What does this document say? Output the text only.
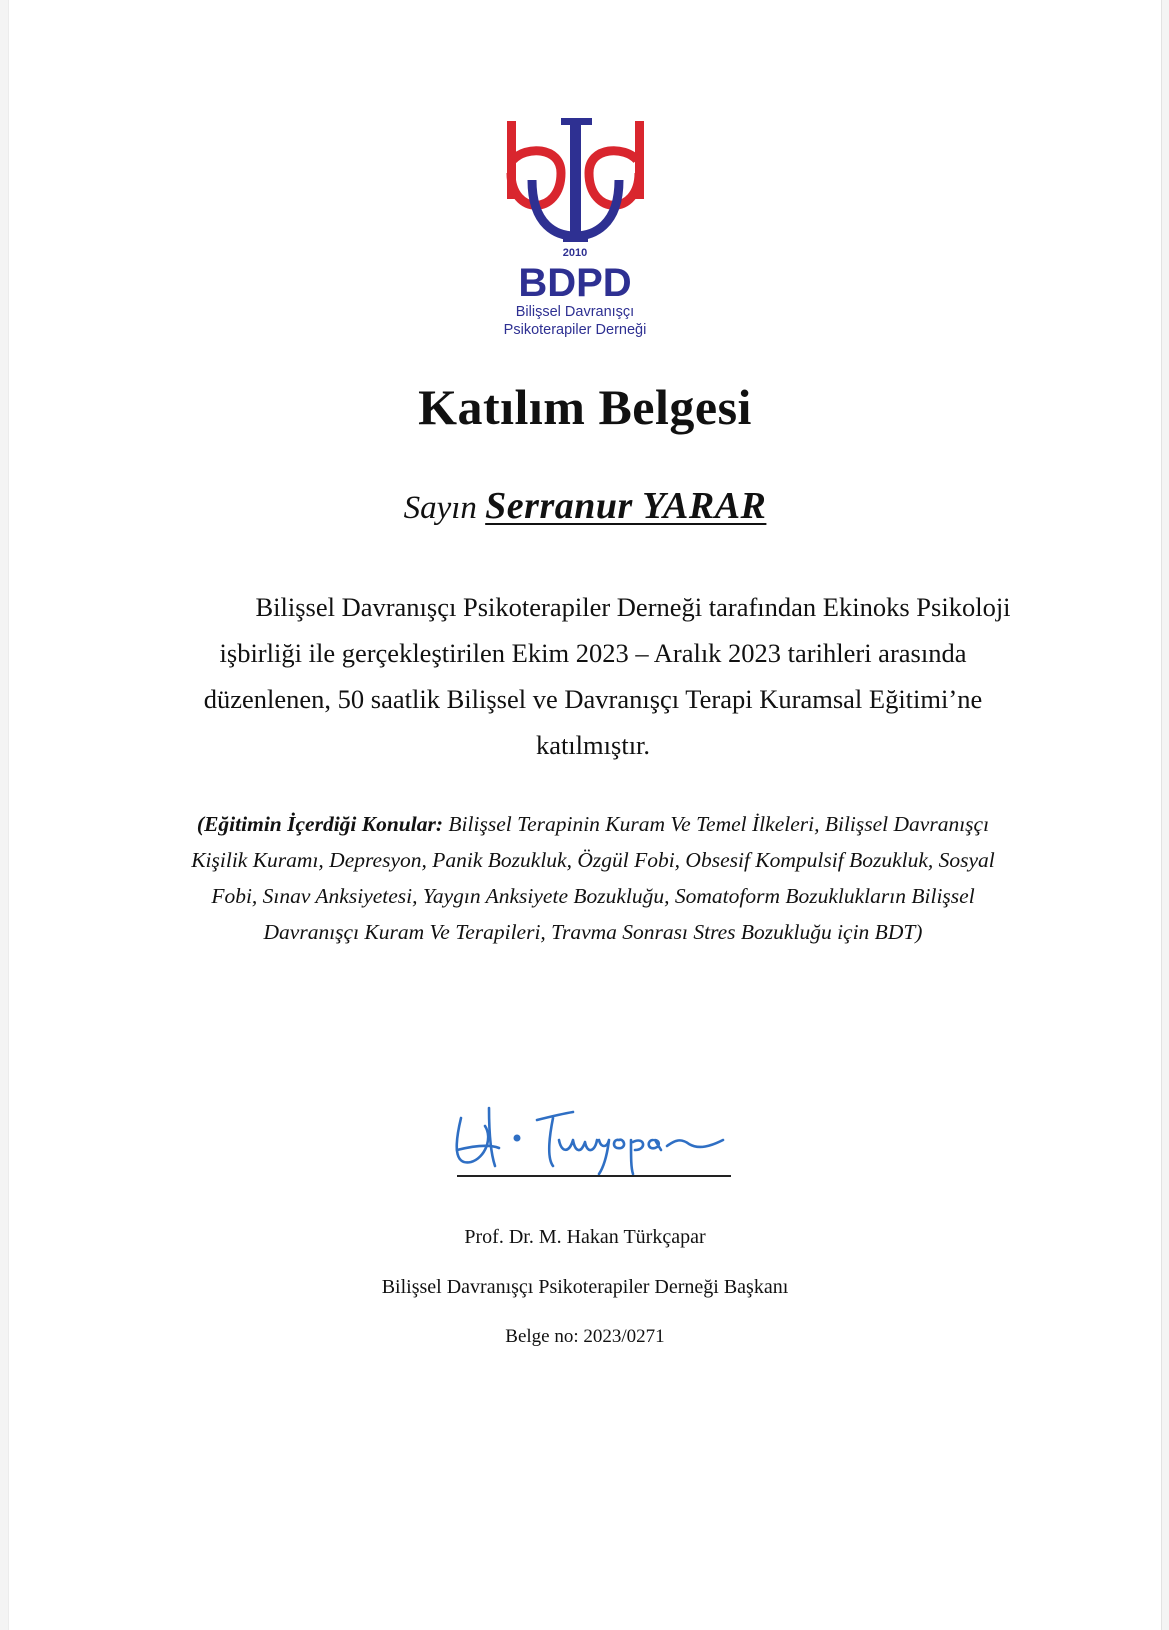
2010
BDPD
Bilişsel Davranışçı
Psikoterapiler Derneği
Katılım Belgesi
Sayın Serranur YARAR
Bilişsel Davranışçı Psikoterapiler Derneği tarafından Ekinoks Psikoloji işbirliği ile gerçekleştirilen Ekim 2023 – Aralık 2023 tarihleri arasında düzenlenen, 50 saatlik Bilişsel ve Davranışçı Terapi Kuramsal Eğitimi’ne katılmıştır.
(Eğitimin İçerdiği Konular: Bilişsel Terapinin Kuram Ve Temel İlkeleri, Bilişsel Davranışçı Kişilik Kuramı, Depresyon, Panik Bozukluk, Özgül Fobi, Obsesif Kompulsif Bozukluk, Sosyal Fobi, Sınav Anksiyetesi, Yaygın Anksiyete Bozukluğu, Somatoform Bozuklukların Bilişsel Davranışçı Kuram Ve Terapileri, Travma Sonrası Stres Bozukluğu için BDT)
Prof. Dr. M. Hakan Türkçapar
Bilişsel Davranışçı Psikoterapiler Derneği Başkanı
Belge no: 2023/0271
